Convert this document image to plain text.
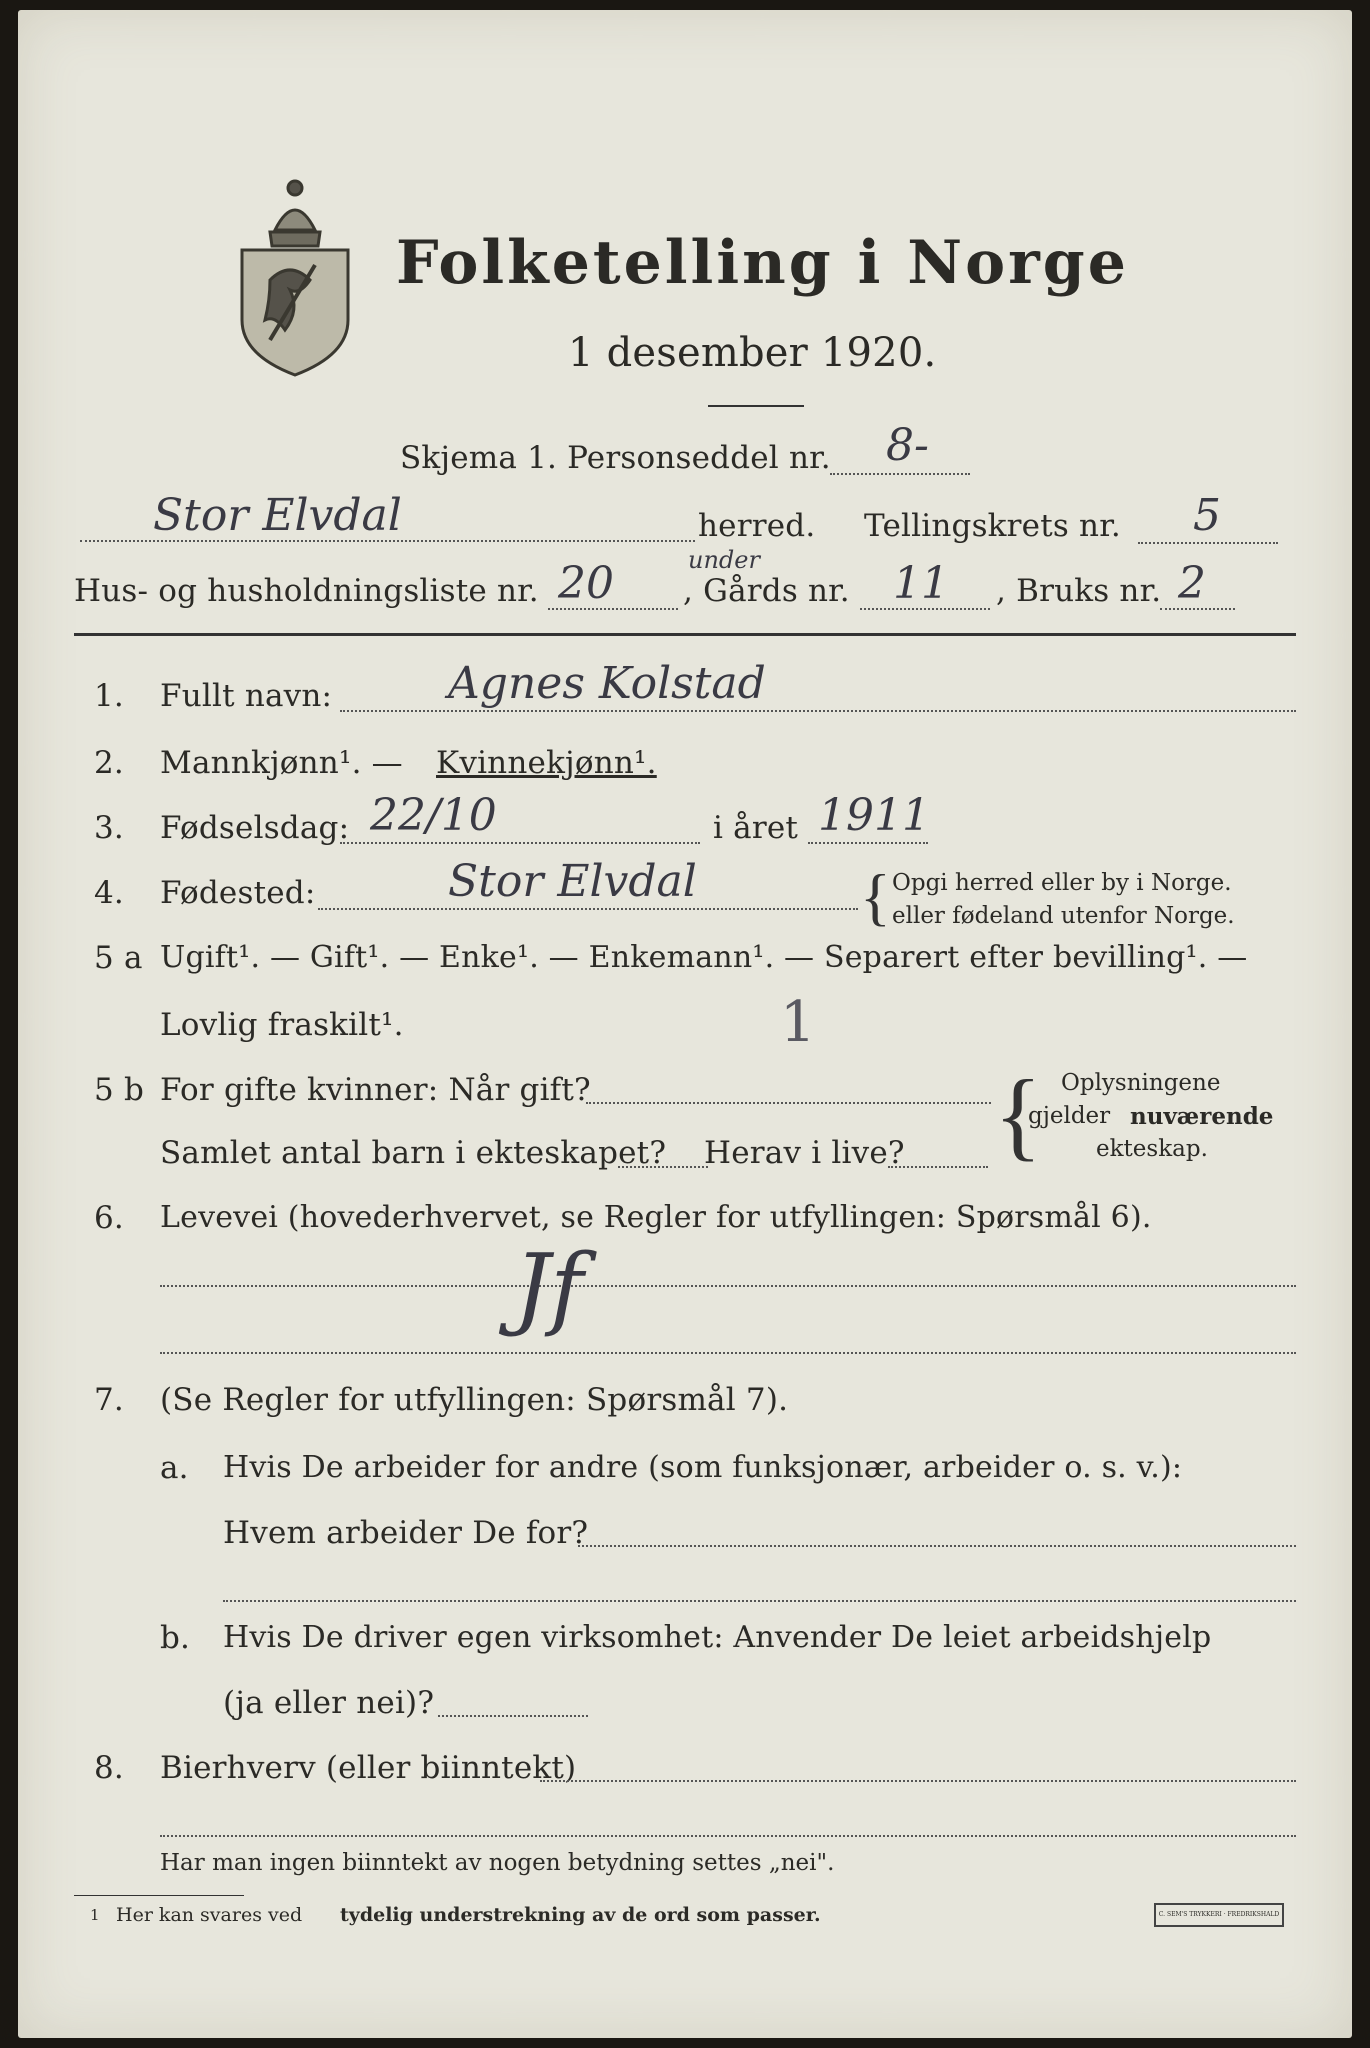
Folketelling i Norge
1 desember 1920.
Skjema 1. Personseddel nr. 8-
Stor Elvdal	herred. Tellingskrets nr. 5
Hus- og husholdningsliste nr. 20 , Gårds nr.
under	11 , Bruks nr. 2
1. Fullt navn:	Agnes Kolstad
2. Mannkjønn¹. — Kvinnekjønn¹.
3. Fødselsdag: 22/10	i året 1911
4. Fødested:	Stor Elvdal	{ Opgi herred eller by i Norge.
eller fødeland utenfor Norge.
5 a Ugift¹. — Gift¹. — Enke¹. — Enkemann¹. — Separert efter bevilling¹. —
Lovlig fraskilt¹.	1
5 b For gifte kvinner: Når gift?
Samlet antal barn i ekteskapet? Herav i live? { Oplysningene
gjelder nuværende
ekteskap.
6. Levevei (hovederhvervet, se Regler for utfyllingen: Spørsmål 6).
Jf
7. (Se Regler for utfyllingen: Spørsmål 7).
a. Hvis De arbeider for andre (som funksjonær, arbeider o. s. v.):
Hvem arbeider De for?
b. Hvis De driver egen virksomhet: Anvender De leiet arbeidshjelp
(ja eller nei)?
8. Bierhverv (eller biinntekt)
Har man ingen biinntekt av nogen betydning settes „nei".
1 Her kan svares ved tydelig understrekning av de ord som passer.	C. SEM'S TRYKKERI · FREDRIKSHALD
